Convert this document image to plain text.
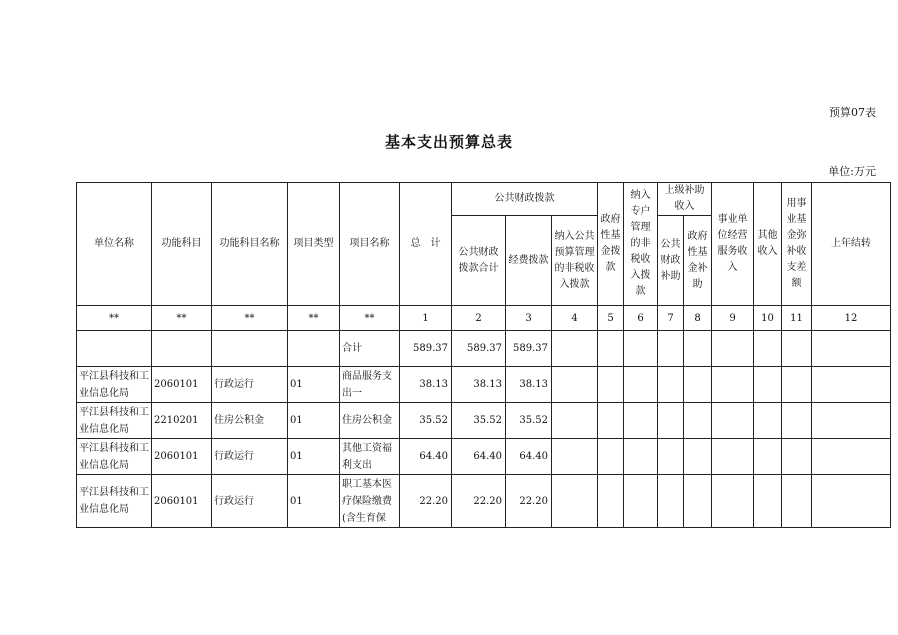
预算07表
基本支出预算总表
单位:万元
单位名称	功能科目	功能科目名称	项目类型	项目名称	总　计	公共财政拨款			政府性基金拨款	纳入专户管理的非税收入拨款	上级补助收入		事业单位经营服务收入	其他收入	用事业基金弥补收支差额	上年结转
						公共财政拨款合计	经费拨款	纳入公共预算管理的非税收入拨款			公共财政补助	政府性基金补助				
**	**	**	**	**	1	2	3	4	5	6	7	8	9	10	11	12
				合计	589.37	589.37	589.37									
平江县科技和工业信息化局	2060101	行政运行	01	商品服务支出一	38.13	38.13	38.13									
平江县科技和工业信息化局	2210201	住房公积金	01	住房公积金	35.52	35.52	35.52									
平江县科技和工业信息化局	2060101	行政运行	01	其他工资福利支出	64.40	64.40	64.40									
平江县科技和工业信息化局	2060101	行政运行	01	职工基本医疗保险缴费(含生育保	22.20	22.20	22.20									
